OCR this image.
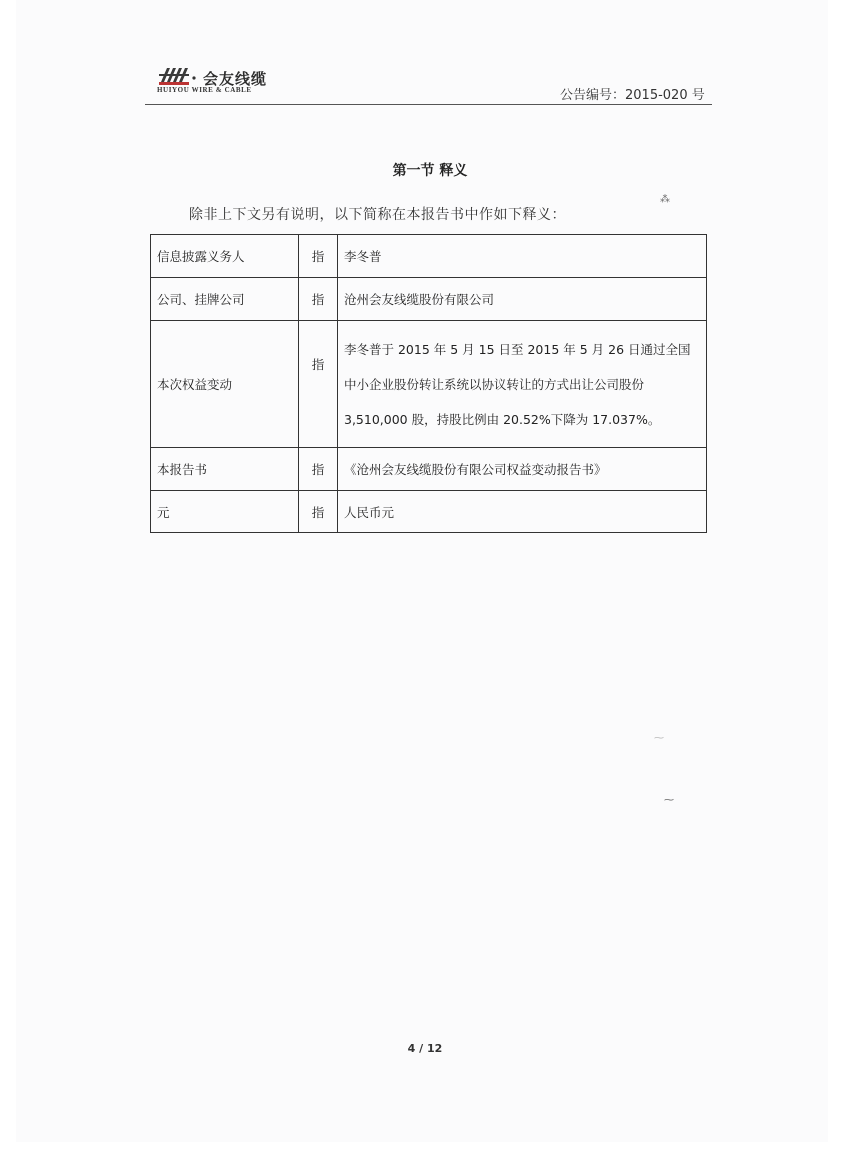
会友线缆
HUIYOU WIRE & CABLE	公告编号：2015-020 号
第一节 释义
除非上下文另有说明，以下简称在本报告书中作如下释义：
信息披露义务人	指	李冬普
公司、挂牌公司	指	沧州会友线缆股份有限公司
本次权益变动	指	李冬普于 2015 年 5 月 15 日至 2015 年 5 月 26 日通过全国中小企业股份转让系统以协议转让的方式出让公司股份 3,510,000 股，持股比例由 20.52%下降为 17.037%。
本报告书	指	《沧州会友线缆股份有限公司权益变动报告书》
元	指	人民币元
⁂
⁓
⁓
4 / 12
